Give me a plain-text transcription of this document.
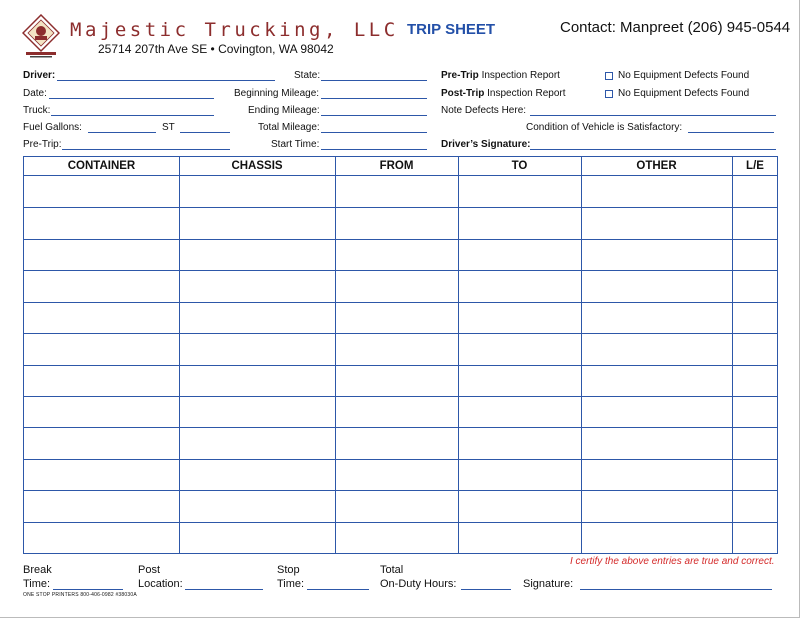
Majestic Trucking, LLC
25714 207th Ave SE • Covington, WA 98042
TRIP SHEET	Contact: Manpreet (206) 945-0544
Driver:
Date:
Truck:
Fuel Gallons:	ST
Pre-Trip:
State:
Beginning Mileage:
Ending Mileage:
Total Mileage:
Start Time:
Pre-Trip Inspection Report	No Equipment Defects Found
Post-Trip Inspection Report	No Equipment Defects Found
Note Defects Here:
Condition of Vehicle is Satisfactory:
Driver’s Signature:
CONTAINER	CHASSIS	FROM	TO	OTHER	L/E
I certify the above entries are true and correct.
Break
Time:
Post
Location:
Stop
Time:
Total
On-Duty Hours:	Signature:
ONE STOP PRINTERS 800-406-0982 #38030A
